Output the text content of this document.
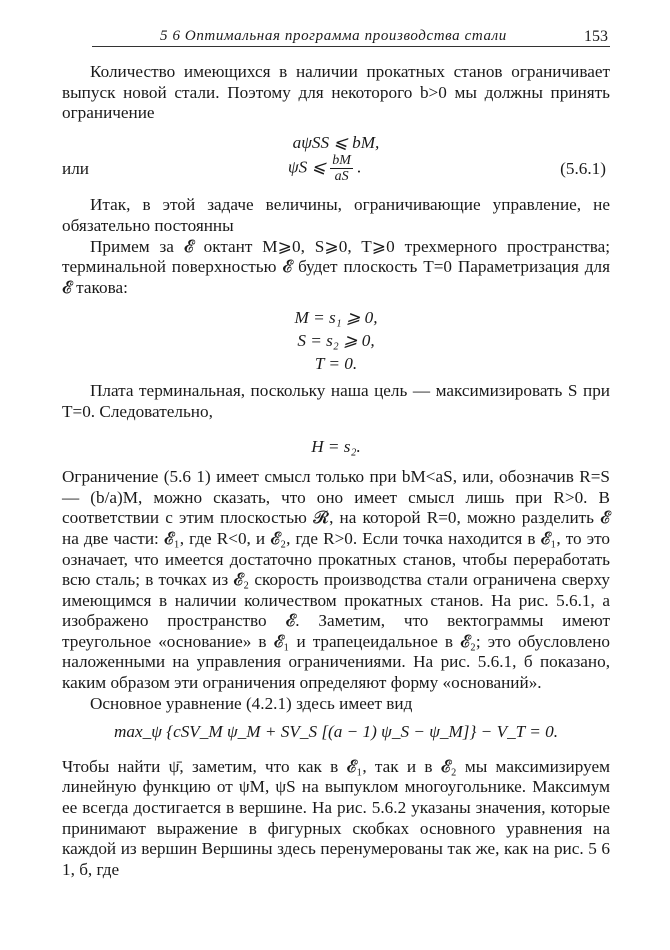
5 6 Оптимальная программа производства стали	153

Количество имеющихся в наличии прокатных станов ограничивает выпуск новой стали. Поэтому для некоторого b>0 мы должны принять ограничение

aψSS ⩽ bM,

или	ψS ⩽ $\frac{bM}{aS}$ .	(5.6.1)

Итак, в этой задаче величины, ограничивающие управление, не обязательно постоянны

Примем за 𝓔 октант M⩾0, S⩾0, T⩾0 трехмерного пространства; терминальной поверхностью 𝓔 будет плоскость T=0 Параметризация для 𝓔 такова:

M = s₁ ⩾ 0,

S = s₂ ⩾ 0,

T = 0.

Плата терминальная, поскольку наша цель — максимизировать S при T=0. Следовательно,

H = s₂.

Ограничение (5.6 1) имеет смысл только при bM<aS, или, обозначив R=S — (b/a)M, можно сказать, что оно имеет смысл лишь при R>0. В соответствии с этим плоскостью 𝓡, на которой R=0, можно разделить 𝓔 на две части: 𝓔₁, где R<0, и 𝓔₂, где R>0. Если точка находится в 𝓔₁, то это означает, что имеется достаточно прокатных станов, чтобы переработать всю сталь; в точках из 𝓔₂ скорость производства стали ограничена сверху имеющимся в наличии количеством прокатных станов. На рис. 5.6.1, а изображено пространство 𝓔. Заметим, что вектограммы имеют треугольное «основание» в 𝓔₁ и трапецеидальное в 𝓔₂; это обусловлено наложенными на управления ограничениями. На рис. 5.6.1, б показано, каким образом эти ограничения определяют форму «оснований».

Основное уравнение (4.2.1) здесь имеет вид

max_ψ {cSV_M ψ_M + SV_S [(a − 1) ψ_S − ψ_M]} − V_T = 0.

Чтобы найти ψ̄, заметим, что как в 𝓔₁, так и в 𝓔₂ мы максимизируем линейную функцию от ψM, ψS на выпуклом многоугольнике. Максимум ее всегда достигается в вершине. На рис. 5.6.2 указаны значения, которые принимают выражение в фигурных скобках основного уравнения на каждой из вершин Вершины здесь перенумерованы так же, как на рис. 5 6 1, б, где
